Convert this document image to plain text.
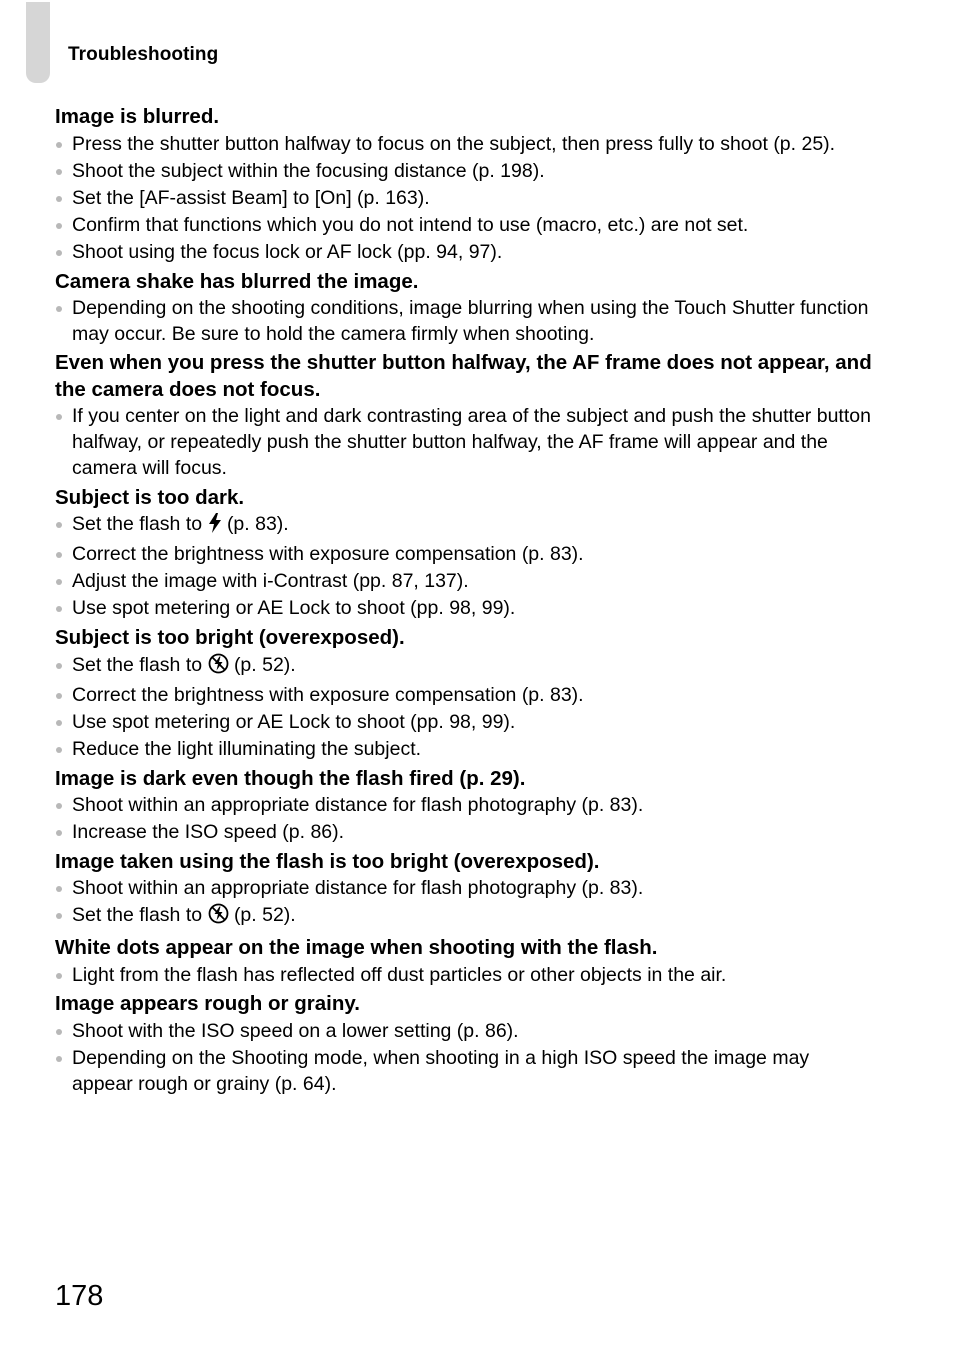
Troubleshooting

Image is blurred.

Press the shutter button halfway to focus on the subject, then press fully to shoot (p. 25).
Shoot the subject within the focusing distance (p. 198).
Set the [AF-assist Beam] to [On] (p. 163).
Confirm that functions which you do not intend to use (macro, etc.) are not set.
Shoot using the focus lock or AF lock (pp. 94, 97).

Camera shake has blurred the image.

Depending on the shooting conditions, image blurring when using the Touch Shutter function may occur. Be sure to hold the camera firmly when shooting.

Even when you press the shutter button halfway, the AF frame does not appear, and the camera does not focus.

If you center on the light and dark contrasting area of the subject and push the shutter button halfway, or repeatedly push the shutter button halfway, the AF frame will appear and the camera will focus.

Subject is too dark.

Set the flash to (p. 83).
Correct the brightness with exposure compensation (p. 83).
Adjust the image with i-Contrast (pp. 87, 137).
Use spot metering or AE Lock to shoot (pp. 98, 99).

Subject is too bright (overexposed).

Set the flash to (p. 52).
Correct the brightness with exposure compensation (p. 83).
Use spot metering or AE Lock to shoot (pp. 98, 99).
Reduce the light illuminating the subject.

Image is dark even though the flash fired (p. 29).

Shoot within an appropriate distance for flash photography (p. 83).
Increase the ISO speed (p. 86).

Image taken using the flash is too bright (overexposed).

Shoot within an appropriate distance for flash photography (p. 83).
Set the flash to (p. 52).

White dots appear on the image when shooting with the flash.

Light from the flash has reflected off dust particles or other objects in the air.

Image appears rough or grainy.

Shoot with the ISO speed on a lower setting (p. 86).
Depending on the Shooting mode, when shooting in a high ISO speed the image may appear rough or grainy (p. 64).
178
